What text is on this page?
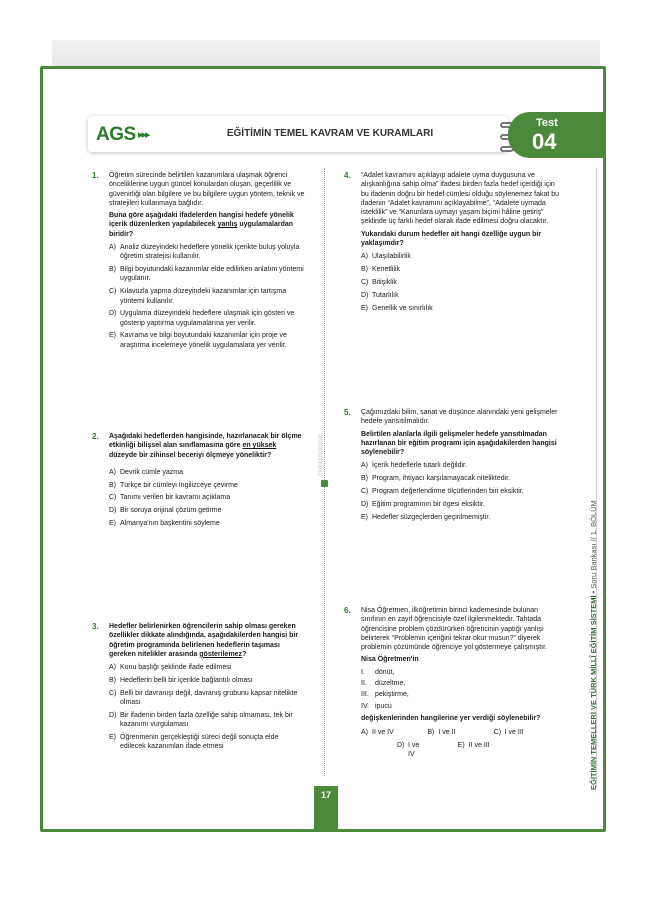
AGS ▸▸▸	EĞİTİMİN TEMEL KAVRAM VE KURAMLARI
Test
04
Yediiklimokulları
EĞİTİMİN TEMELLERİ VE TÜRK MİLLÎ EĞİTİM SİSTEMİ • Soru Bankası // 1. BÖLÜM
1. Öğretim sürecinde belirtilen kazanımlara ulaşmak öğrenci önceliklerine uygun güncel konulardan oluşan, geçerlilik ve güvenirliği olan bilgilere ve bu bilgilere uygun yöntem, teknik ve stratejileri kullanmaya bağlıdır.

Buna göre aşağıdaki ifadelerden hangisi hedefe yönelik içerik düzenlerken yapılabilecek yanlış uygulamalardan biridir?

A) Analiz düzeyindeki hedeflere yönelik içerikte buluş yoluyla öğretim stratejisi kullanılır.
B) Bilgi boyutundaki kazanımlar elde edilirken anlatım yöntemi uygulanır.
C) Kılavuzla yapma düzeyindeki kazanımlar için tartışma yöntemi kullanılır.
D) Uygulama düzeyindeki hedeflere ulaşmak için gösteri ve gösterip yaptırma uygulamalarına yer verilir.
E) Kavrama ve bilgi boyutundaki kazanımlar için proje ve araştırma incelemeye yönelik uygulamalara yer verilir.
2. Aşağıdaki hedeflerden hangisinde, hazırlanacak bir ölçme etkinliği bilişsel alan sınıflamasına göre en yüksek düzeyde bir zihinsel beceriyi ölçmeye yöneliktir?

A) Devrik cümle yazma
B) Türkçe bir cümleyi İngilizceye çevirme
C) Tanımı verilen bir kavramı açıklama
D) Bir soruya orijinal çözüm getirme
E) Almanya'nın başkentini söyleme
3. Hedefler belirlenirken öğrencilerin sahip olması gereken özellikler dikkate alındığında, aşağıdakilerden hangisi bir öğretim programında belirlenen hedeflerin taşıması gereken nitelikler arasında gösterilemez?

A) Konu başlığı şeklinde ifade edilmesi
B) Hedeflerin belli bir içerikle bağlantılı olması
C) Belli bir davranışı değil, davranış grubunu kapsar nitelikte olması
D) Bir ifadenin birden fazla özelliğe sahip olmaması, tek bir kazanımı vurgulaması
E) Öğrenmenin gerçekleştiği süreci değil sonuçta elde edilecek kazanımları ifade etmesi
4. “Adalet kavramını açıklayıp adalete uyma duygusuna ve alışkanlığına sahip olma” ifadesi birden fazla hedef içerdiği için bu ifadenin doğru bir hedef cümlesi olduğu söylenemez fakat bu ifadenin “Adalet kavramını açıklayabilme”, “Adalete uymada isteklilik” ve “Kanunlara uymayı yaşam biçimi hâline getiriş” şeklinde üç farklı hedef olarak ifade edilmesi doğru olacaktır.

Yukarıdaki durum hedefler ait hangi özelliğe uygun bir yaklaşımdır?

A) Ulaşılabilirlik
B) Kenetlilik
C) Bitişiklik
D) Tutarlılık
E) Genellik ve sınırlılık
5. Çağımızdaki bilim, sanat ve düşünce alanındaki yeni gelişmeler hedefe yansıtılmalıdır.

Belirtilen alanlarla ilgili gelişmeler hedefe yansıtılmadan hazırlanan bir eğitim programı için aşağıdakilerden hangisi söylenebilir?

A) İçerik hedeflerle tutarlı değildir.
B) Program, ihtiyacı karşılamayacak niteliktedir.
C) Program değerlendirme ölçütlerinden biri eksiktir.
D) Eğitim programının bir ögesi eksiktir.
E) Hedefler süzgeçlerden geçirilmemiştir.
6. Nisa Öğretmen, ilköğretimin birinci kademesinde bulunan sınıfının en zayıf öğrencisiyle özel ilgilenmektedir. Tahtada öğrencisine problem çözdürürken öğrencinin yaptığı yanlışı belirterek “Problemin içeriğini tekrar okur musun?” diyerek problemin çözümünde öğrenciye yol göstermeye çalışmıştır.

Nisa Öğretmen'in

I.	dönüt,
II.	düzeltme,
III. pekiştirme,
IV. ipucu

değişkenlerinden hangilerine yer verdiği söylenebilir?

A) II ve IV	B) I ve II	C) I ve III
D) I ve IV
E) II ve III
17
